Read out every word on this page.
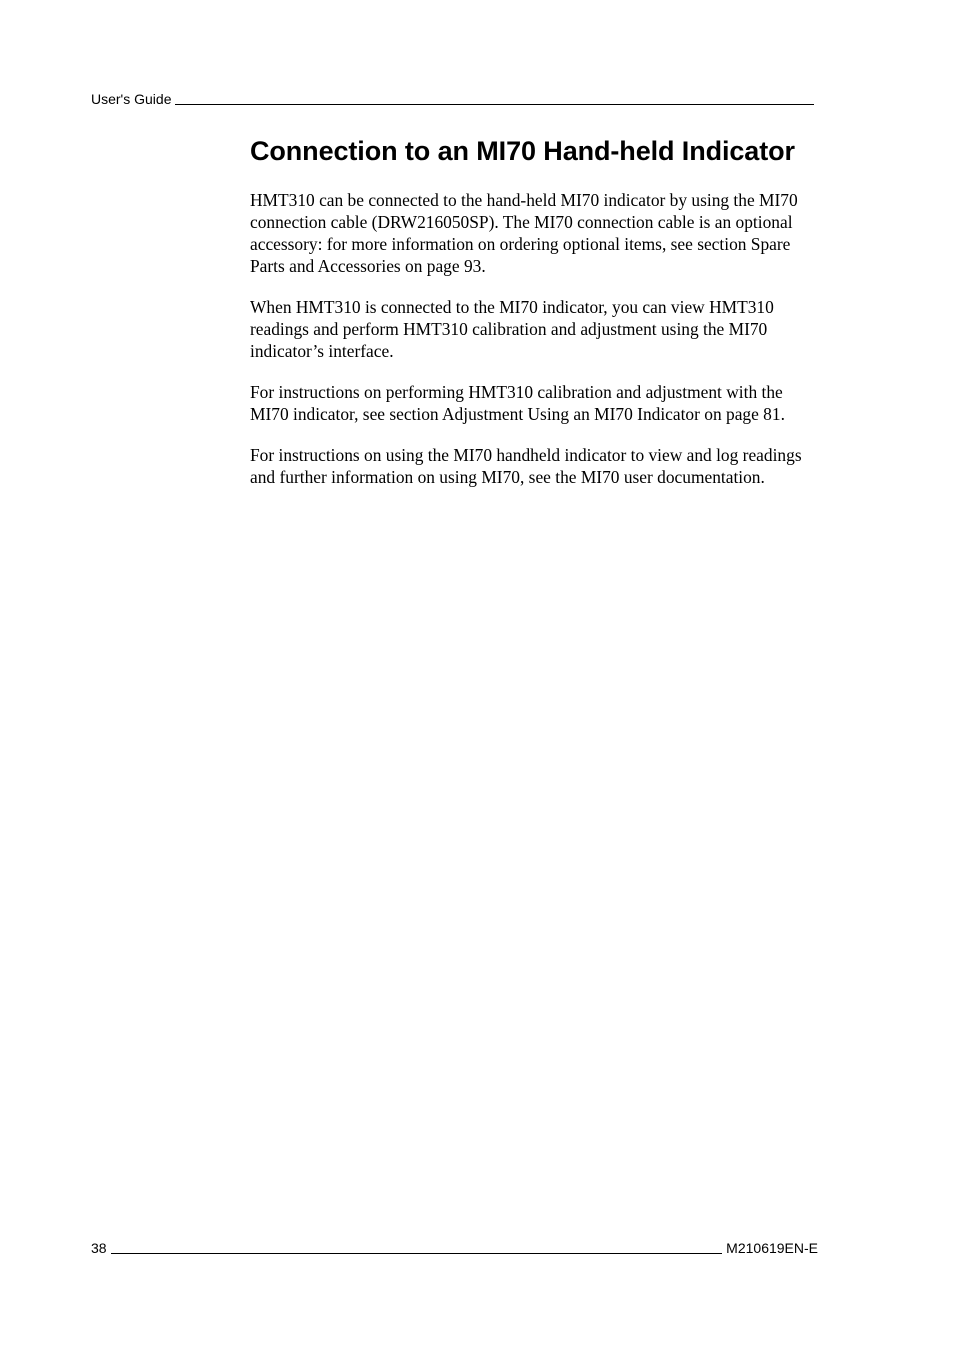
User's Guide
Connection to an MI70 Hand-held Indicator

HMT310 can be connected to the hand-held MI70 indicator by using the MI70 connection cable (DRW216050SP). The MI70 connection cable is an optional accessory: for more information on ordering optional items, see section Spare Parts and Accessories on page 93.

When HMT310 is connected to the MI70 indicator, you can view HMT310 readings and perform HMT310 calibration and adjustment using the MI70 indicator’s interface.

For instructions on performing HMT310 calibration and adjustment with the MI70 indicator, see section Adjustment Using an MI70 Indicator on page 81.

For instructions on using the MI70 handheld indicator to view and log readings and further information on using MI70, see the MI70 user documentation.

38	M210619EN-E
